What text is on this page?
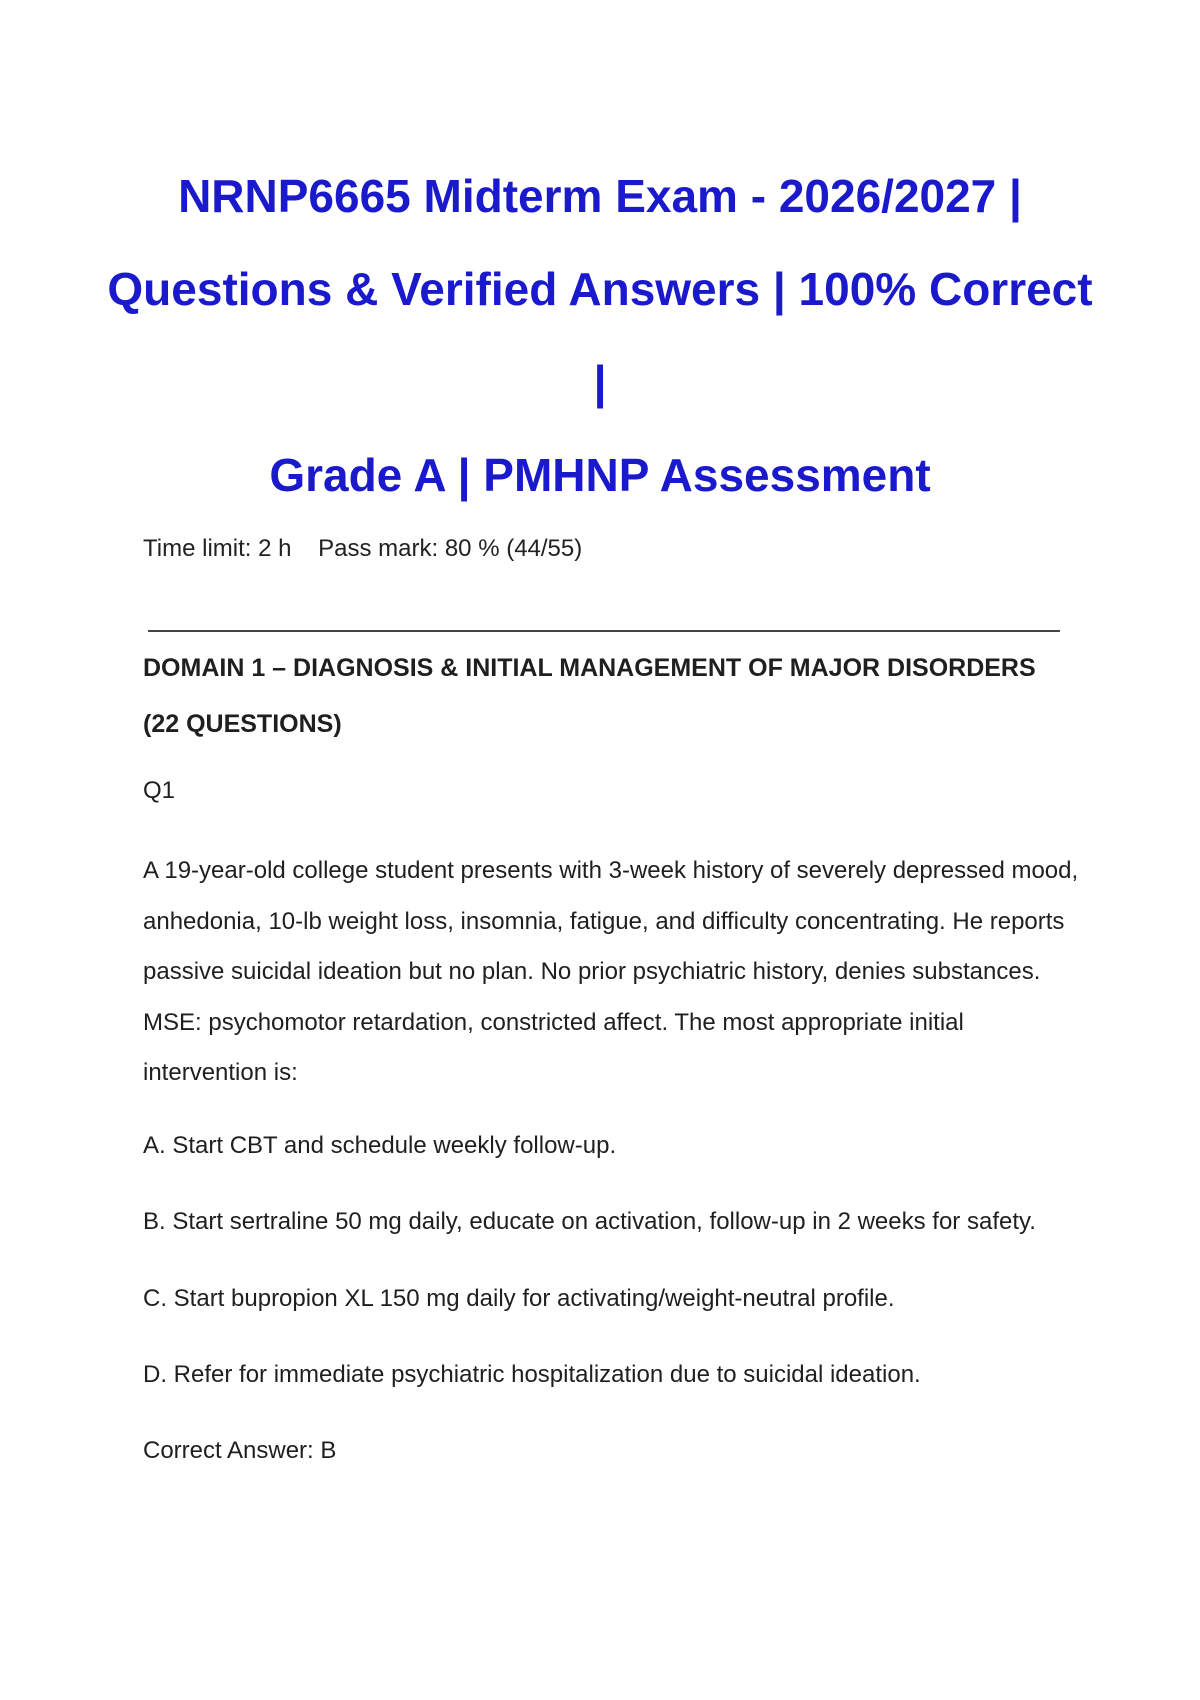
NRNP6665 Midterm Exam - 2026/2027 |
Questions & Verified Answers | 100% Correct |
Grade A | PMHNP Assessment
Time limit: 2 h    Pass mark: 80 % (44/55)
DOMAIN 1 – DIAGNOSIS & INITIAL MANAGEMENT OF MAJOR DISORDERS
(22 QUESTIONS)
Q1
A 19-year-old college student presents with 3-week history of severely depressed mood,
anhedonia, 10-lb weight loss, insomnia, fatigue, and difficulty concentrating. He reports
passive suicidal ideation but no plan. No prior psychiatric history, denies substances.
MSE: psychomotor retardation, constricted affect. The most appropriate initial
intervention is:
A. Start CBT and schedule weekly follow-up.
B. Start sertraline 50 mg daily, educate on activation, follow-up in 2 weeks for safety.
C. Start bupropion XL 150 mg daily for activating/weight-neutral profile.
D. Refer for immediate psychiatric hospitalization due to suicidal ideation.
Correct Answer: B
